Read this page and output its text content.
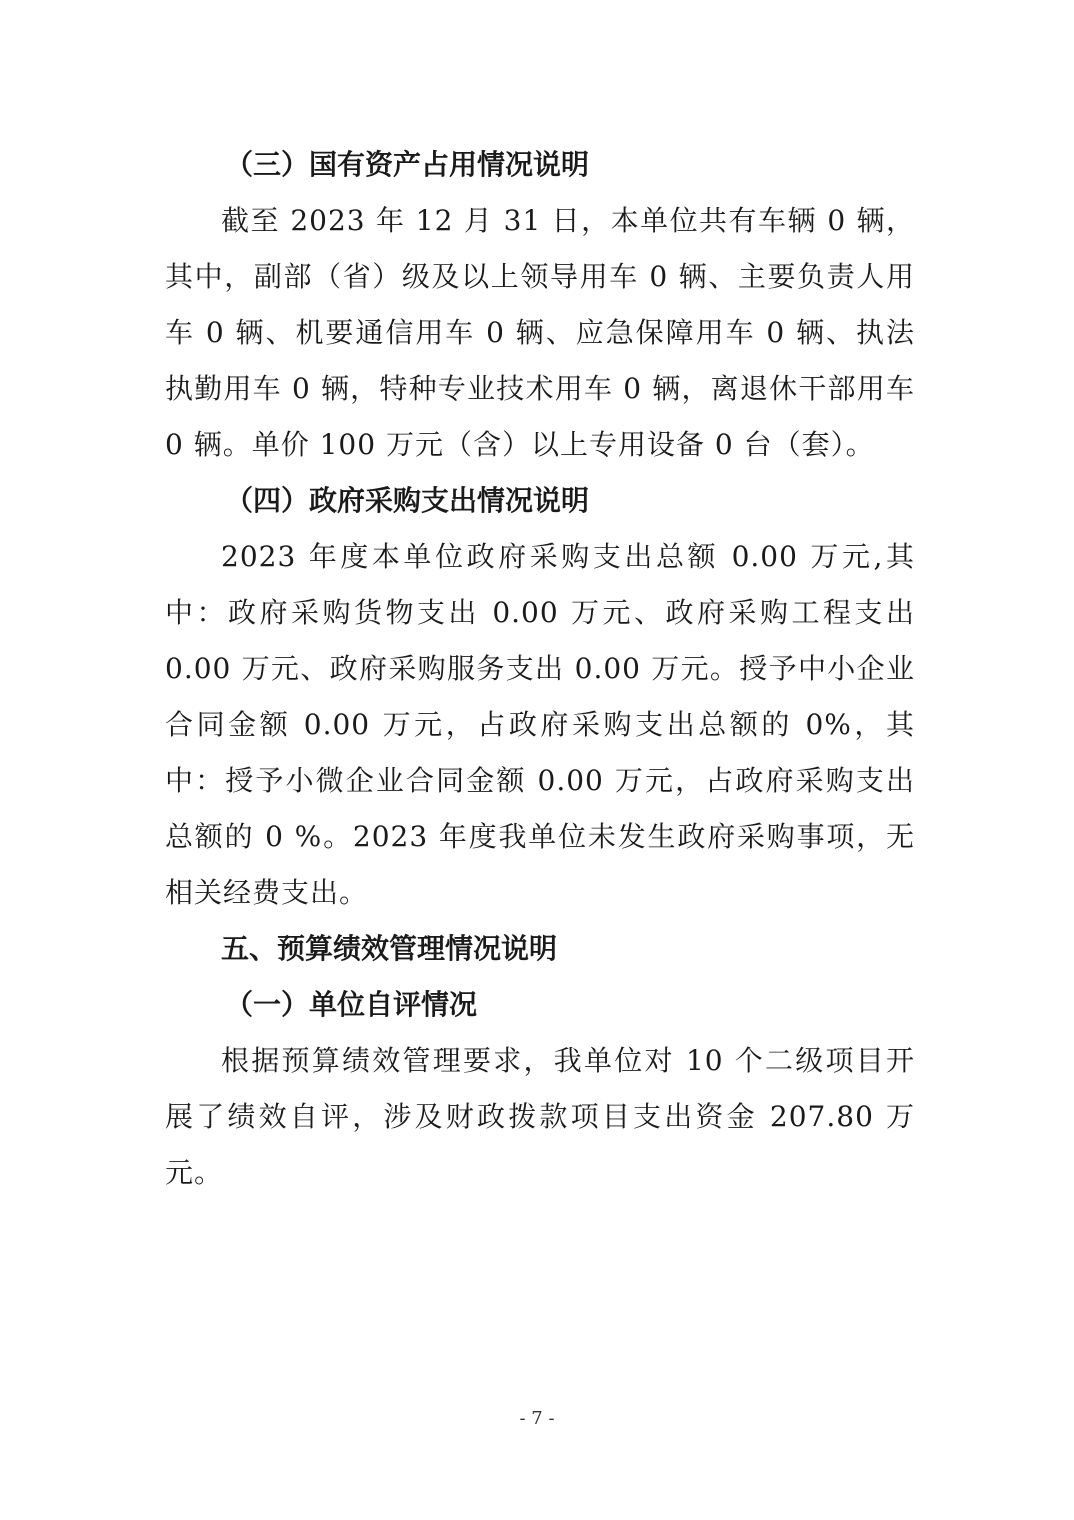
（三）国有资产占用情况说明

截至 2023 年 12 月 31 日，本单位共有车辆 0 辆，其中，副部（省）级及以上领导用车 0 辆、主要负责人用车 0 辆、机要通信用车 0 辆、应急保障用车 0 辆、执法执勤用车 0 辆，特种专业技术用车 0 辆，离退休干部用车 0 辆。单价 100 万元（含）以上专用设备 0 台（套）。

（四）政府采购支出情况说明

2023 年度本单位政府采购支出总额 0.00 万元,其中：政府采购货物支出 0.00 万元、政府采购工程支出 0.00 万元、政府采购服务支出 0.00 万元。授予中小企业合同金额 0.00 万元，占政府采购支出总额的 0%，其中：授予小微企业合同金额 0.00 万元，占政府采购支出总额的 0 %。2023 年度我单位未发生政府采购事项，无相关经费支出。

五、预算绩效管理情况说明

（一）单位自评情况

根据预算绩效管理要求，我单位对 10 个二级项目开展了绩效自评，涉及财政拨款项目支出资金 207.80 万元。

- 7 -
